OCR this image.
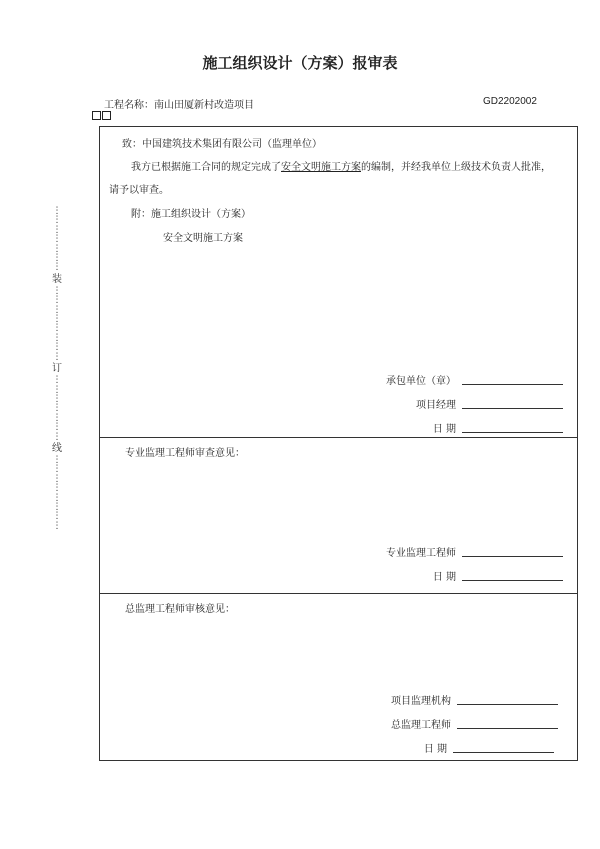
施工组织设计（方案）报审表
工程名称：南山田厦新村改造项目	GD2202002
致：中国建筑技术集团有限公司（监理单位）
我方已根据施工合同的规定完成了安全文明施工方案的编制，并经我单位上级技术负责人批准，
请予以审查。
附：施工组织设计（方案）
安全文明施工方案
承包单位（章）
项目经理
日 期
专业监理工程师审查意见：
专业监理工程师
日 期
总监理工程师审核意见：
项目监理机构
总监理工程师
日 期
⋮
⋮
⋮
⋮
⋮
⋮
⋮
装
⋮
⋮
⋮
⋮
⋮
⋮
⋮
⋮
订
⋮
⋮
⋮
⋮
⋮
⋮
⋮
线
⋮
⋮
⋮
⋮
⋮
⋮
⋮
⋮
